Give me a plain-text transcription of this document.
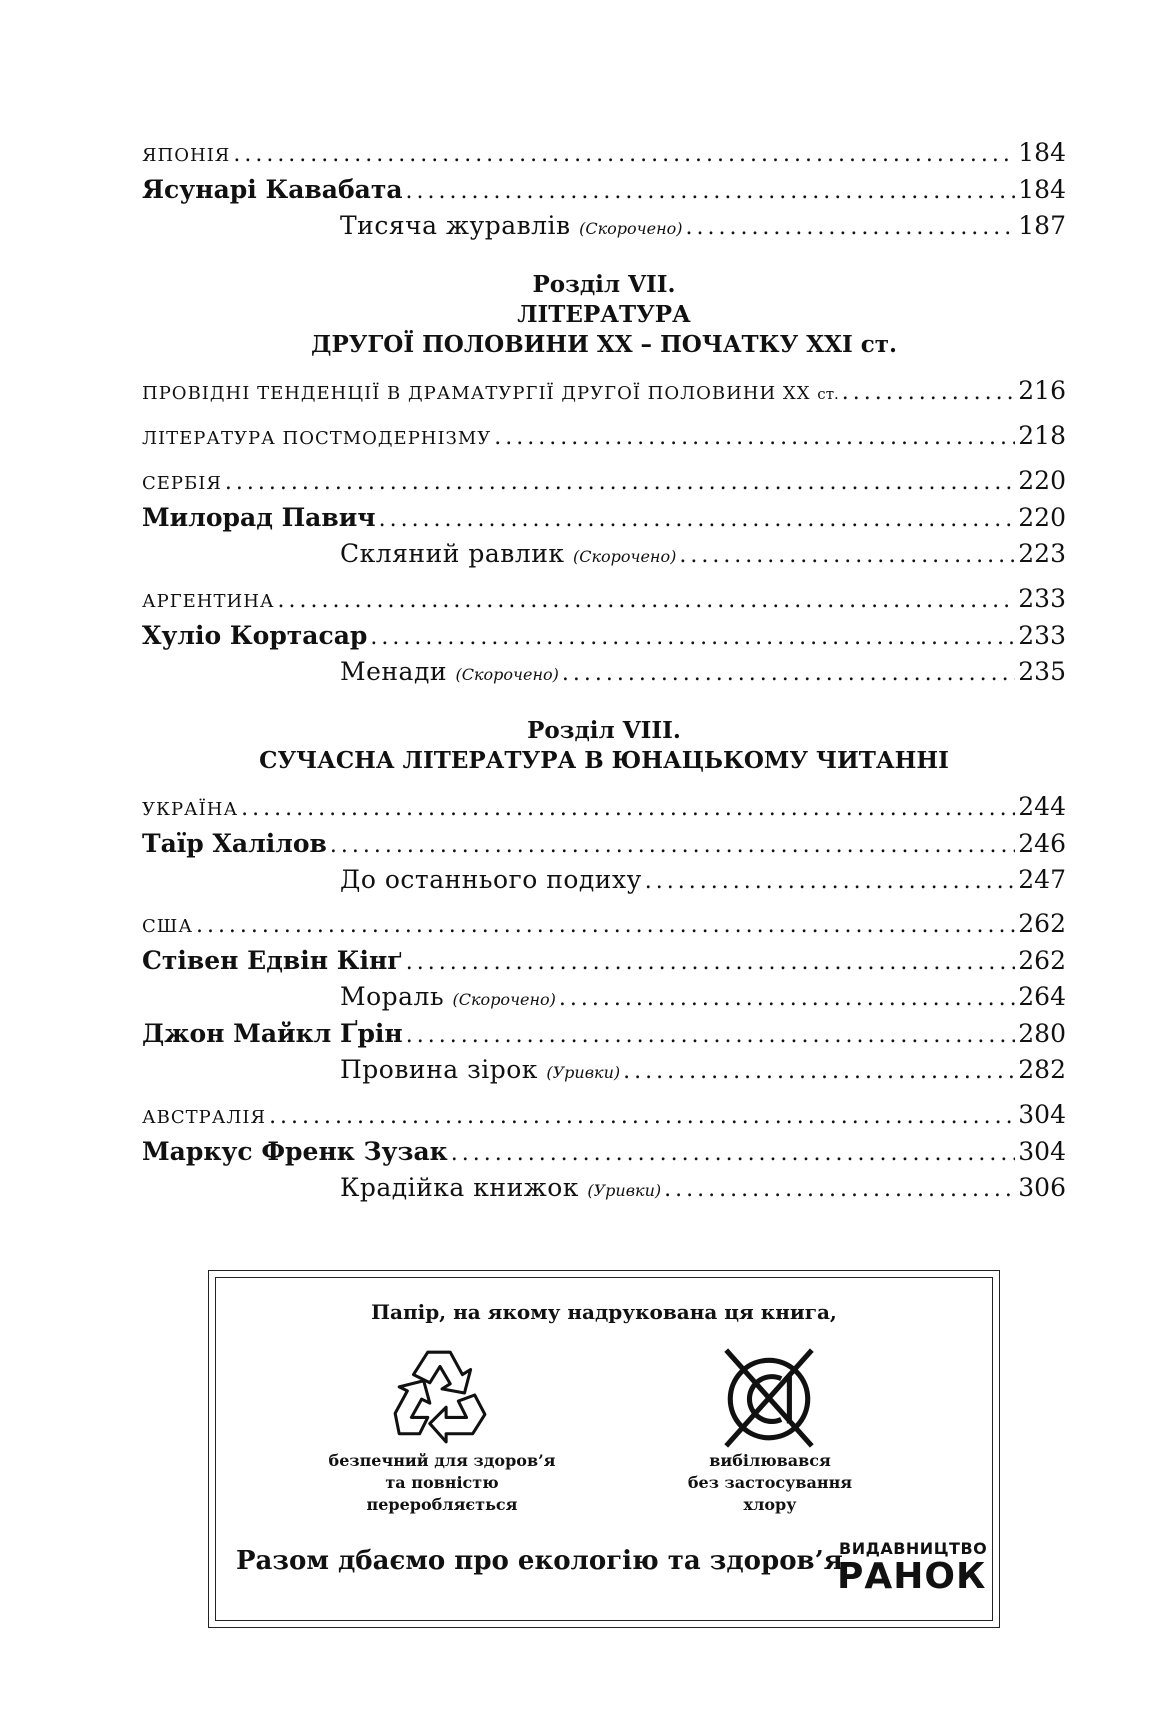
ЯПОНІЯ .....	184
Ясунарі Кавабата .....	184
Тисяча журавлів (Скорочено) .....	187
Розділ VII.
ЛІТЕРАТУРА
ДРУГОЇ ПОЛОВИНИ XX – ПОЧАТКУ XXI ст.
ПРОВІДНІ ТЕНДЕНЦІЇ В ДРАМАТУРГІЇ ДРУГОЇ ПОЛОВИНИ XX ст. .....	216
ЛІТЕРАТУРА ПОСТМОДЕРНІЗМУ .....	218
СЕРБІЯ .....	220
Милорад Павич .....	220
Скляний равлик (Скорочено) .....	223
АРГЕНТИНА .....	233
Хуліо Кортасар .....	233
Менади (Скорочено) .....	235
Розділ VIII.
СУЧАСНА ЛІТЕРАТУРА В ЮНАЦЬКОМУ ЧИТАННІ
УКРАЇНА .....	244
Таїр Халілов .....	246
До останнього подиху .....	247
США .....	262
Стівен Едвін Кінґ .....	262
Мораль (Скорочено) .....	264
Джон Майкл Ґрін .....	280
Провина зірок (Уривки) .....	282
АВСТРАЛІЯ .....	304
Маркус Френк Зузак .....	304
Крадійка книжок (Уривки) .....	306
Папір, на якому надрукована ця книга,
безпечний для здоров’я
та повністю
переробляється
вибілювався
без застосування
хлору
Разом дбаємо про екологію та здоров’я
ВИДАВНИЦТВО
РАНОК
